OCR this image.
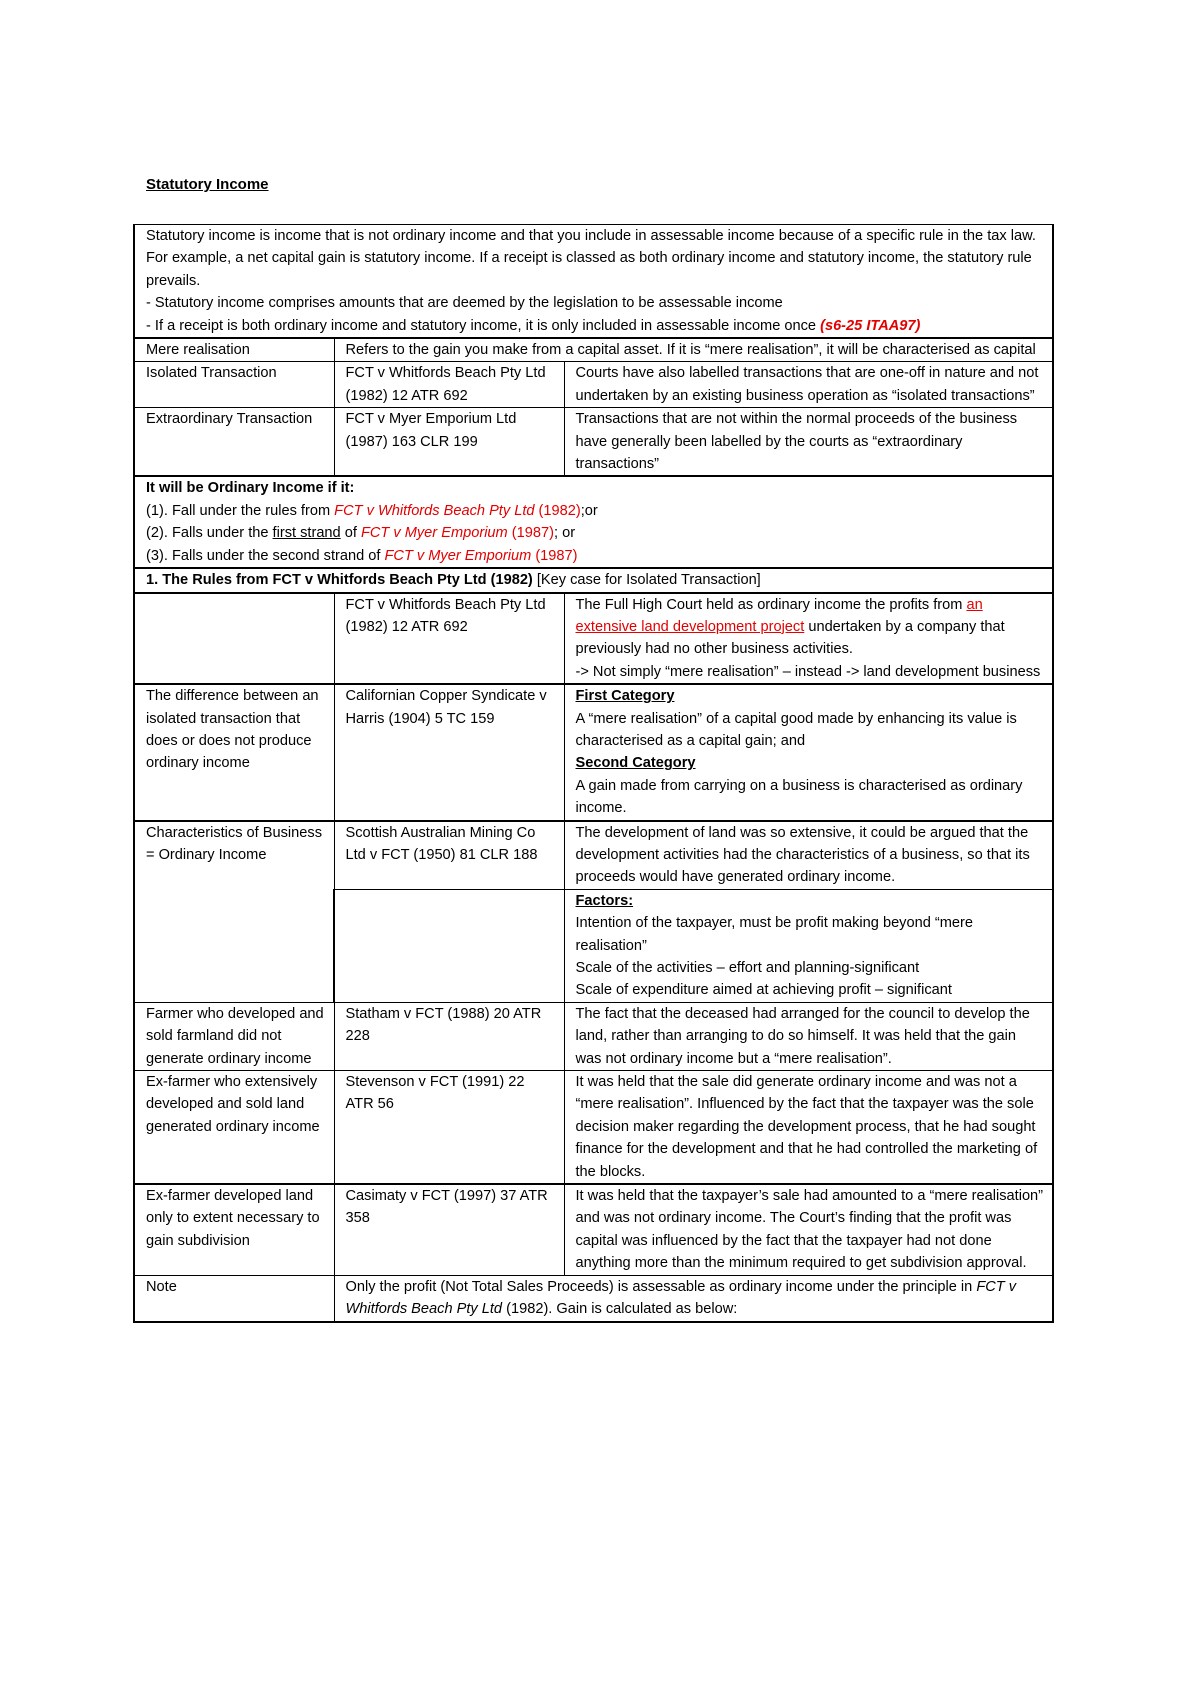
Statutory Income
Statutory income is income that is not ordinary income and that you include in assessable income because of a specific rule in the tax law. For example, a net capital gain is statutory income. If a receipt is classed as both ordinary income and statutory income, the statutory rule prevails.
- Statutory income comprises amounts that are deemed by the legislation to be assessable income
- If a receipt is both ordinary income and statutory income, it is only included in assessable income once (s6-25 ITAA97)		

Mere realisation	Refers to the gain you make from a capital asset. If it is “mere realisation”, it will be characterised as capital	
Isolated Transaction	FCT v Whitfords Beach Pty Ltd (1982) 12 ATR 692	Courts have also labelled transactions that are one-off in nature and not undertaken by an existing business operation as “isolated transactions”
Extraordinary Transaction	FCT v Myer Emporium Ltd (1987) 163 CLR 199	Transactions that are not within the normal proceeds of the business have generally been labelled by the courts as “extraordinary transactions”

It will be Ordinary Income if it:
(1). Fall under the rules from FCT v Whitfords Beach Pty Ltd (1982);or
(2). Falls under the first strand of FCT v Myer Emporium (1987); or
(3). Falls under the second strand of FCT v Myer Emporium (1987)		

1. The Rules from FCT v Whitfords Beach Pty Ltd (1982) [Key case for Isolated Transaction]		
	FCT v Whitfords Beach Pty Ltd (1982) 12 ATR 692	The Full High Court held as ordinary income the profits from an extensive land development project undertaken by a company that previously had no other business activities.
-> Not simply “mere realisation” – instead -> land development business

The difference between an isolated transaction that does or does not produce ordinary income	Californian Copper Syndicate v Harris (1904) 5 TC 159	First Category
A “mere realisation” of a capital good made by enhancing its value is characterised as a capital gain; and
Second Category
A gain made from carrying on a business is characterised as ordinary income.

Characteristics of Business = Ordinary Income	Scottish Australian Mining Co Ltd v FCT (1950) 81 CLR 188	The development of land was so extensive, it could be argued that the development activities had the characteristics of a business, so that its proceeds would have generated ordinary income.

		Factors:
Intention of the taxpayer, must be profit making beyond “mere realisation”
Scale of the activities – effort and planning-significant
Scale of expenditure aimed at achieving profit – significant

Farmer who developed and sold farmland did not generate ordinary income	Statham v FCT (1988) 20 ATR 228	The fact that the deceased had arranged for the council to develop the land, rather than arranging to do so himself. It was held that the gain was not ordinary income but a “mere realisation”.
Ex-farmer who extensively developed and sold land generated ordinary income	Stevenson v FCT (1991) 22 ATR 56	It was held that the sale did generate ordinary income and was not a “mere realisation”. Influenced by the fact that the taxpayer was the sole decision maker regarding the development process, that he had sought finance for the development and that he had controlled the marketing of the blocks.
Ex-farmer developed land only to extent necessary to gain subdivision	Casimaty v FCT (1997) 37 ATR 358	It was held that the taxpayer’s sale had amounted to a “mere realisation” and was not ordinary income. The Court’s finding that the profit was capital was influenced by the fact that the taxpayer had not done anything more than the minimum required to get subdivision approval.
Note	Only the profit (Not Total Sales Proceeds) is assessable as ordinary income under the principle in FCT v Whitfords Beach Pty Ltd (1982). Gain is calculated as below:	
